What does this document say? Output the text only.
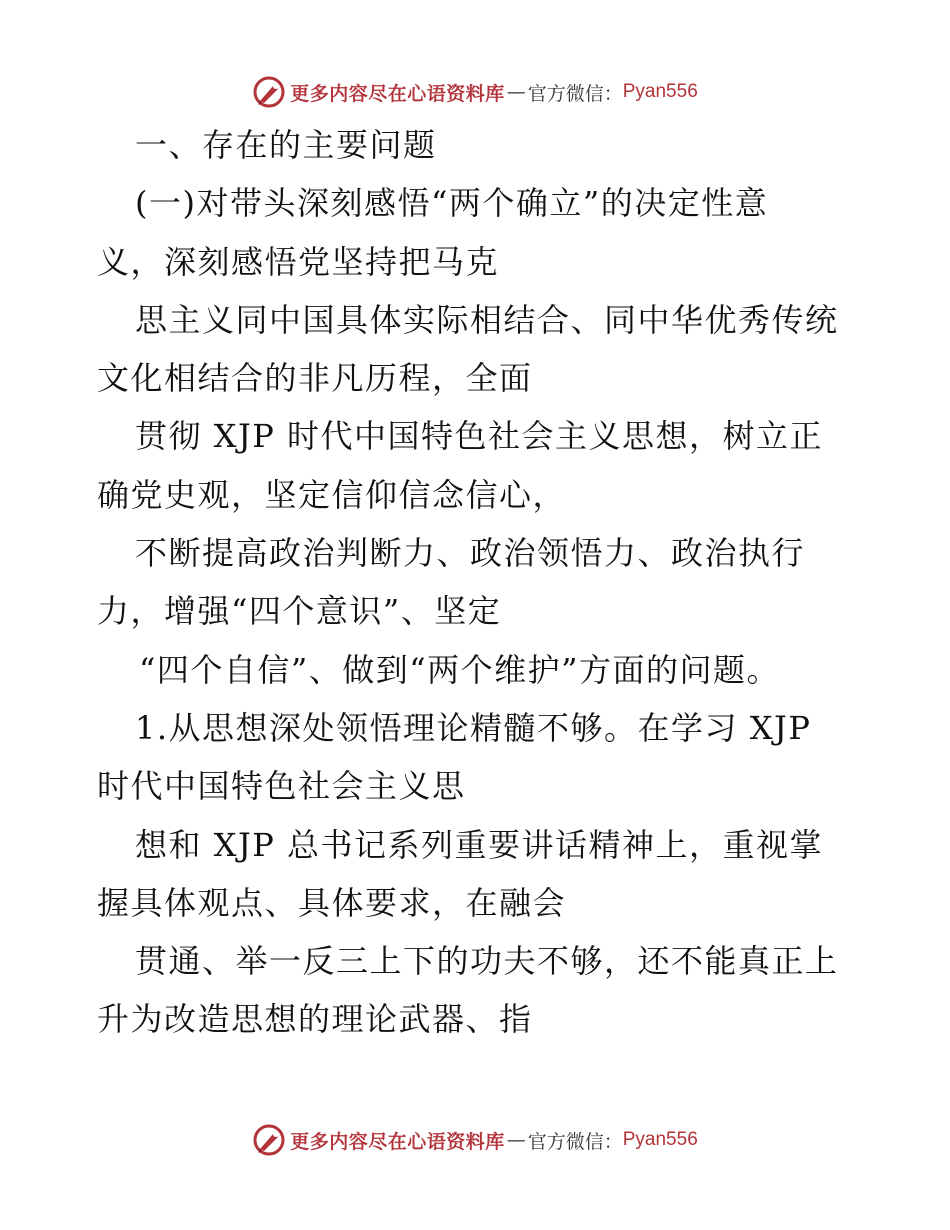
更多内容尽在心语资料库 — 官方微信： Pyan556
一、存在的主要问题
(一)对带头深刻感悟“两个确立”的决定性意
义，深刻感悟党坚持把马克
思主义同中国具体实际相结合、同中华优秀传统
文化相结合的非凡历程，全面
贯彻 XJP 时代中国特色社会主义思想，树立正
确党史观，坚定信仰信念信心，
不断提高政治判断力、政治领悟力、政治执行
力，增强“四个意识”、坚定
“四个自信”、做到“两个维护”方面的问题。
1.从思想深处领悟理论精髓不够。在学习 XJP
时代中国特色社会主义思
想和 XJP 总书记系列重要讲话精神上，重视掌
握具体观点、具体要求，在融会
贯通、举一反三上下的功夫不够，还不能真正上
升为改造思想的理论武器、指
更多内容尽在心语资料库 — 官方微信： Pyan556
